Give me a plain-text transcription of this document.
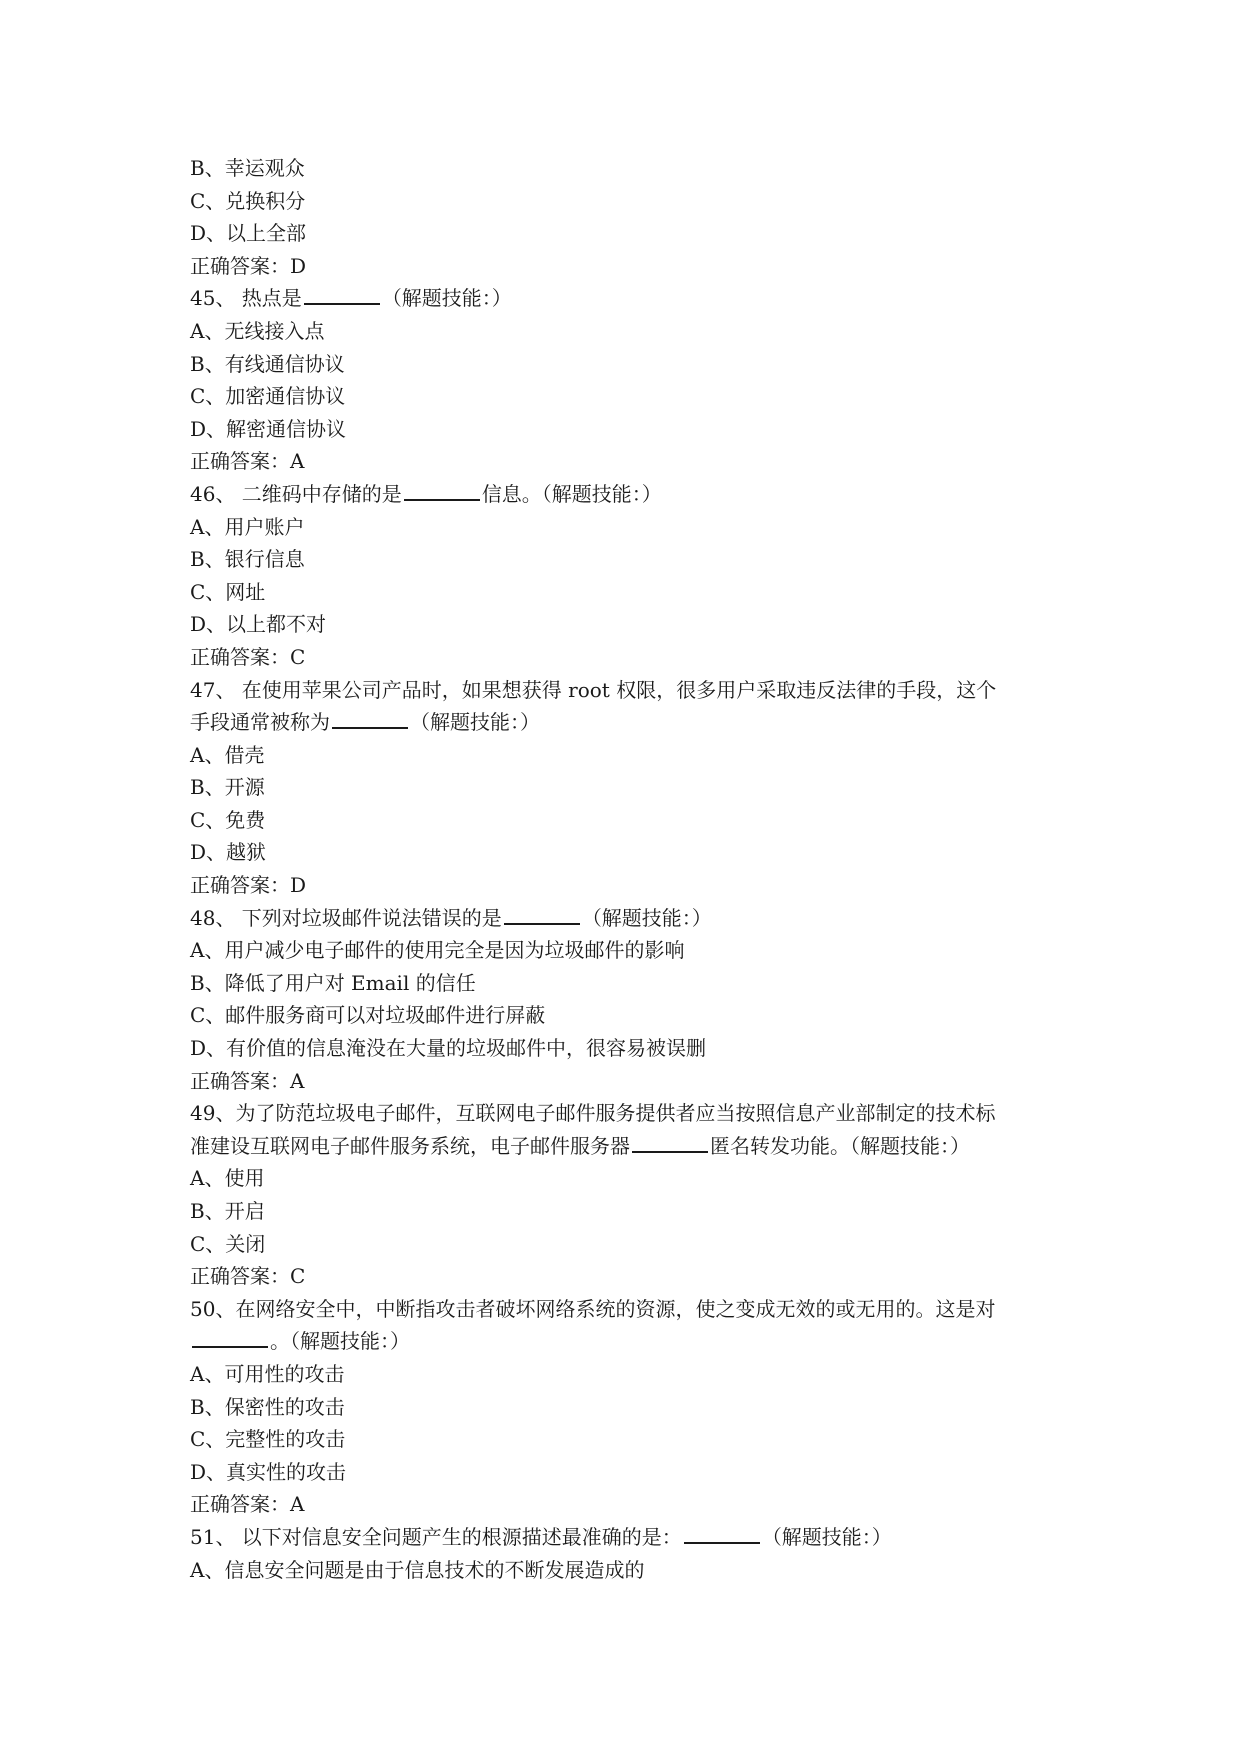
B、幸运观众
C、兑换积分
D、以上全部
正确答案：D
45、 热点是	（解题技能：）
A、无线接入点
B、有线通信协议
C、加密通信协议
D、解密通信协议
正确答案：A
46、 二维码中存储的是	信息。（解题技能：）
A、用户账户
B、银行信息
C、网址
D、以上都不对
正确答案：C
47、 在使用苹果公司产品时，如果想获得 root 权限，很多用户采取违反法律的手段，这个
手段通常被称为	（解题技能：）
A、借壳
B、开源
C、免费
D、越狱
正确答案：D
48、 下列对垃圾邮件说法错误的是	（解题技能：）
A、用户减少电子邮件的使用完全是因为垃圾邮件的影响
B、降低了用户对 Email 的信任
C、邮件服务商可以对垃圾邮件进行屏蔽
D、有价值的信息淹没在大量的垃圾邮件中，很容易被误删
正确答案：A
49、为了防范垃圾电子邮件，互联网电子邮件服务提供者应当按照信息产业部制定的技术标
准建设互联网电子邮件服务系统，电子邮件服务器	匿名转发功能。（解题技能：）
A、使用
B、开启
C、关闭
正确答案：C
50、在网络安全中，中断指攻击者破坏网络系统的资源，使之变成无效的或无用的。这是对
。（解题技能：）
A、可用性的攻击
B、保密性的攻击
C、完整性的攻击
D、真实性的攻击
正确答案：A
51、 以下对信息安全问题产生的根源描述最准确的是：	（解题技能：）
A、信息安全问题是由于信息技术的不断发展造成的
